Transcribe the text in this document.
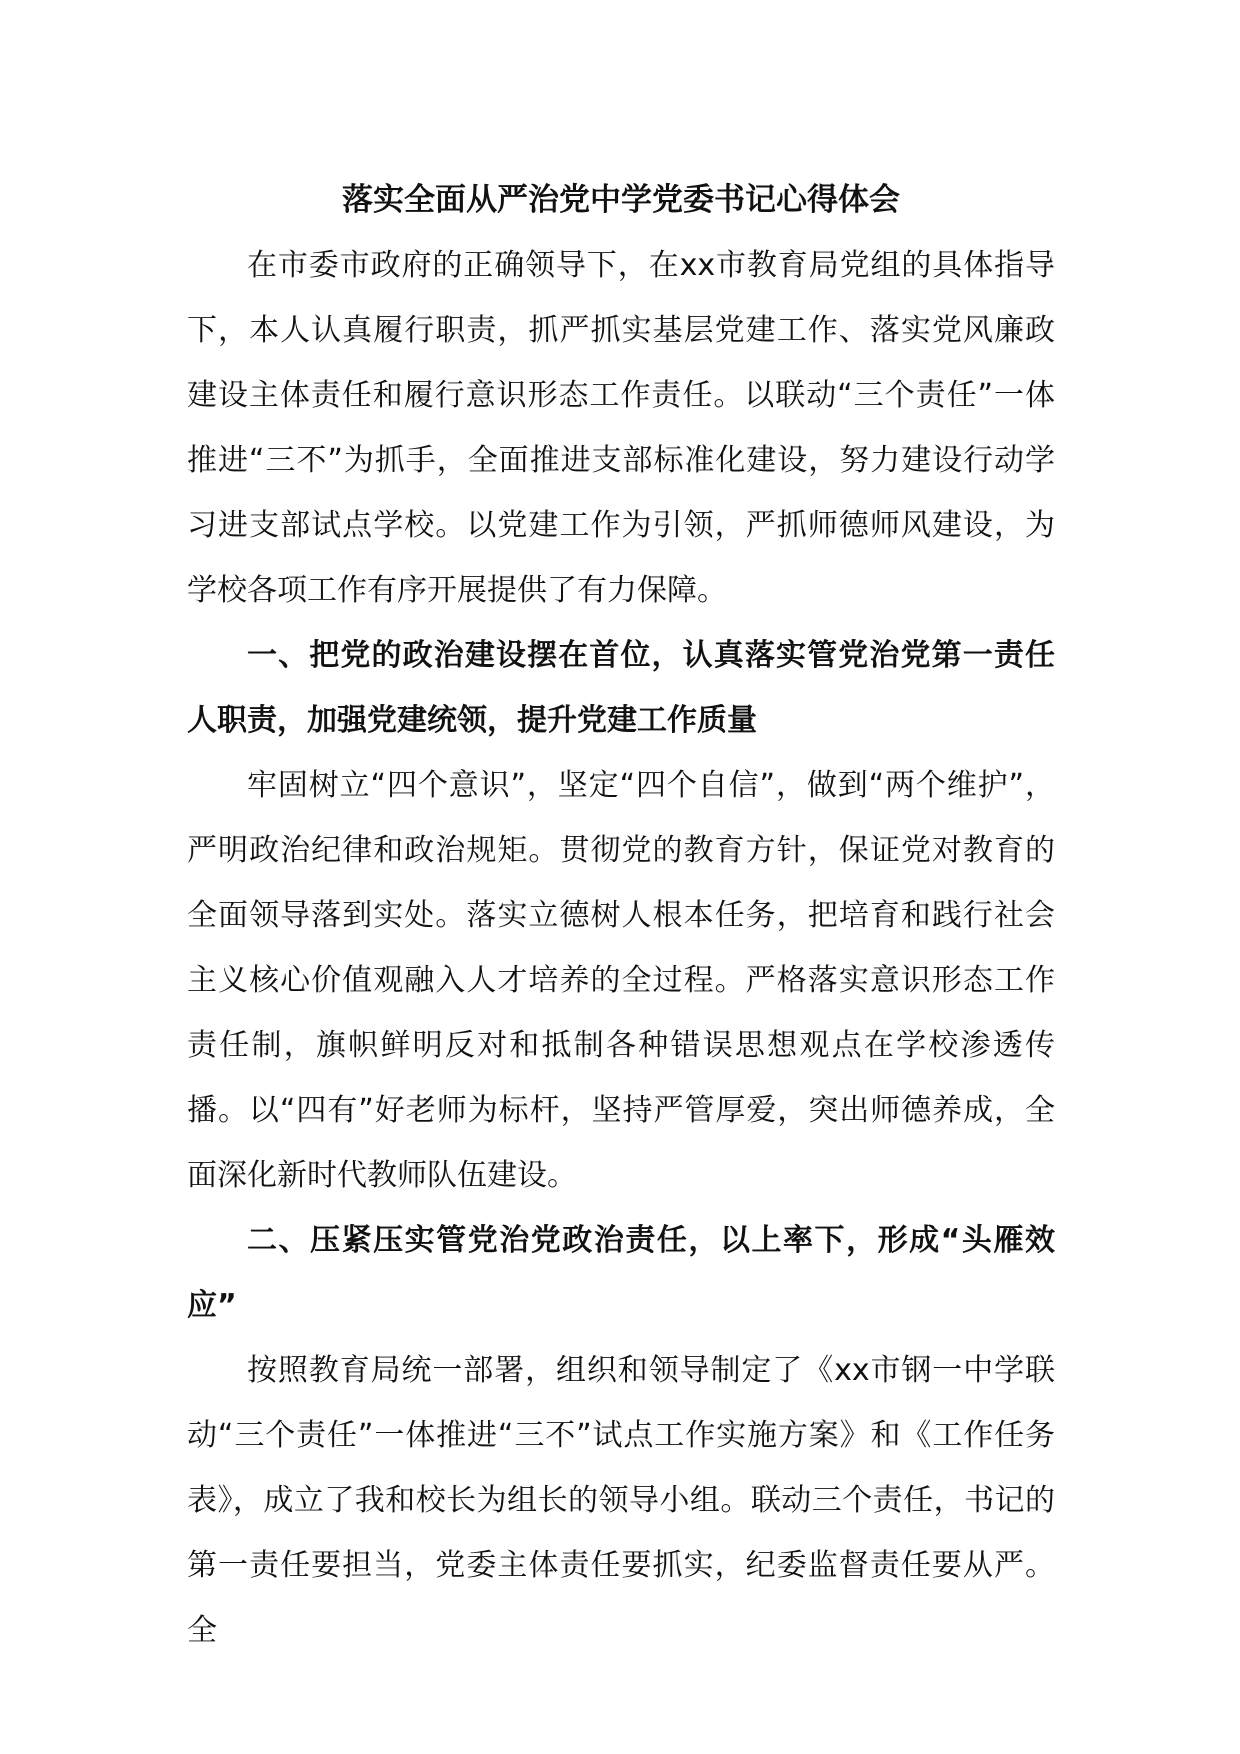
落实全面从严治党中学党委书记心得体会

在市委市政府的正确领导下，在xx市教育局党组的具体指导下，本人认真履行职责，抓严抓实基层党建工作、落实党风廉政建设主体责任和履行意识形态工作责任。以联动“三个责任”一体推进“三不”为抓手，全面推进支部标准化建设，努力建设行动学习进支部试点学校。以党建工作为引领，严抓师德师风建设，为学校各项工作有序开展提供了有力保障。

一、把党的政治建设摆在首位，认真落实管党治党第一责任人职责，加强党建统领，提升党建工作质量

牢固树立“四个意识”，坚定“四个自信”，做到“两个维护”，严明政治纪律和政治规矩。贯彻党的教育方针，保证党对教育的全面领导落到实处。落实立德树人根本任务，把培育和践行社会主义核心价值观融入人才培养的全过程。严格落实意识形态工作责任制，旗帜鲜明反对和抵制各种错误思想观点在学校渗透传播。以“四有”好老师为标杆，坚持严管厚爱，突出师德养成，全面深化新时代教师队伍建设。

二、压紧压实管党治党政治责任，以上率下，形成“头雁效应”

按照教育局统一部署，组织和领导制定了《xx市钢一中学联动“三个责任”一体推进“三不”试点工作实施方案》和《工作任务表》，成立了我和校长为组长的领导小组。联动三个责任，书记的第一责任要担当，党委主体责任要抓实，纪委监督责任要从严。全
